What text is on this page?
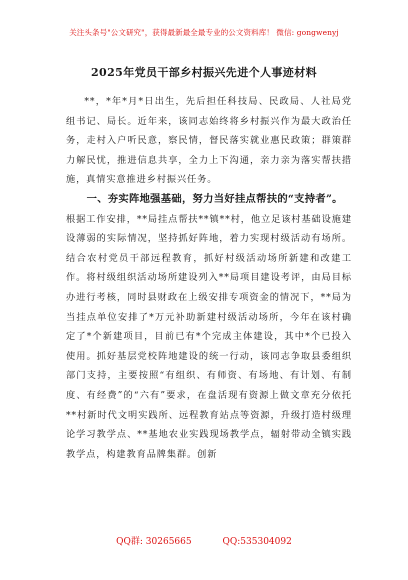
关注头条号"公文研究"，获得最新最全最专业的公文资料库！ 微信: gongwenyj
2025年党员干部乡村振兴先进个人事迹材料

**，*年*月*日出生，先后担任科技局、民政局、人社局党组书记、局长。近年来，该同志始终将乡村振兴作为最大政治任务，走村入户听民意，察民情，督民落实就业惠民政策；群策群力解民忧，推进信息共享，全力上下沟通，亲力亲为落实帮扶措施，真情实意推进乡村振兴任务。

一、夯实阵地强基础，努力当好挂点帮扶的“支持者”。

根据工作安排，**局挂点帮扶**镇**村，他立足该村基础设施建设薄弱的实际情况，坚持抓好阵地，着力实现村级活动有场所。结合农村党员干部远程教育，抓好村级活动场所新建和改建工作。将村级组织活动场所建设列入**局项目建设考评，由局目标办进行考核，同时县财政在上级安排专项资金的情况下，**局为当挂点单位安排了*万元补助新建村级活动场所，今年在该村确定了*个新建项目，目前已有*个完成主体建设，其中*个已投入使用。抓好基层党校阵地建设的统一行动，该同志争取县委组织部门支持，主要按照“有组织、有师资、有场地、有计划、有制度、有经费”的“六有”要求，在盘活现有资源上做文章充分依托**村新时代文明实践所、远程教育站点等资源，升级打造村级理论学习教学点、**基地农业实践现场教学点，辐射带动全镇实践教学点，构建教育品牌集群。创新

QQ群: 30265665	QQ:535304092
